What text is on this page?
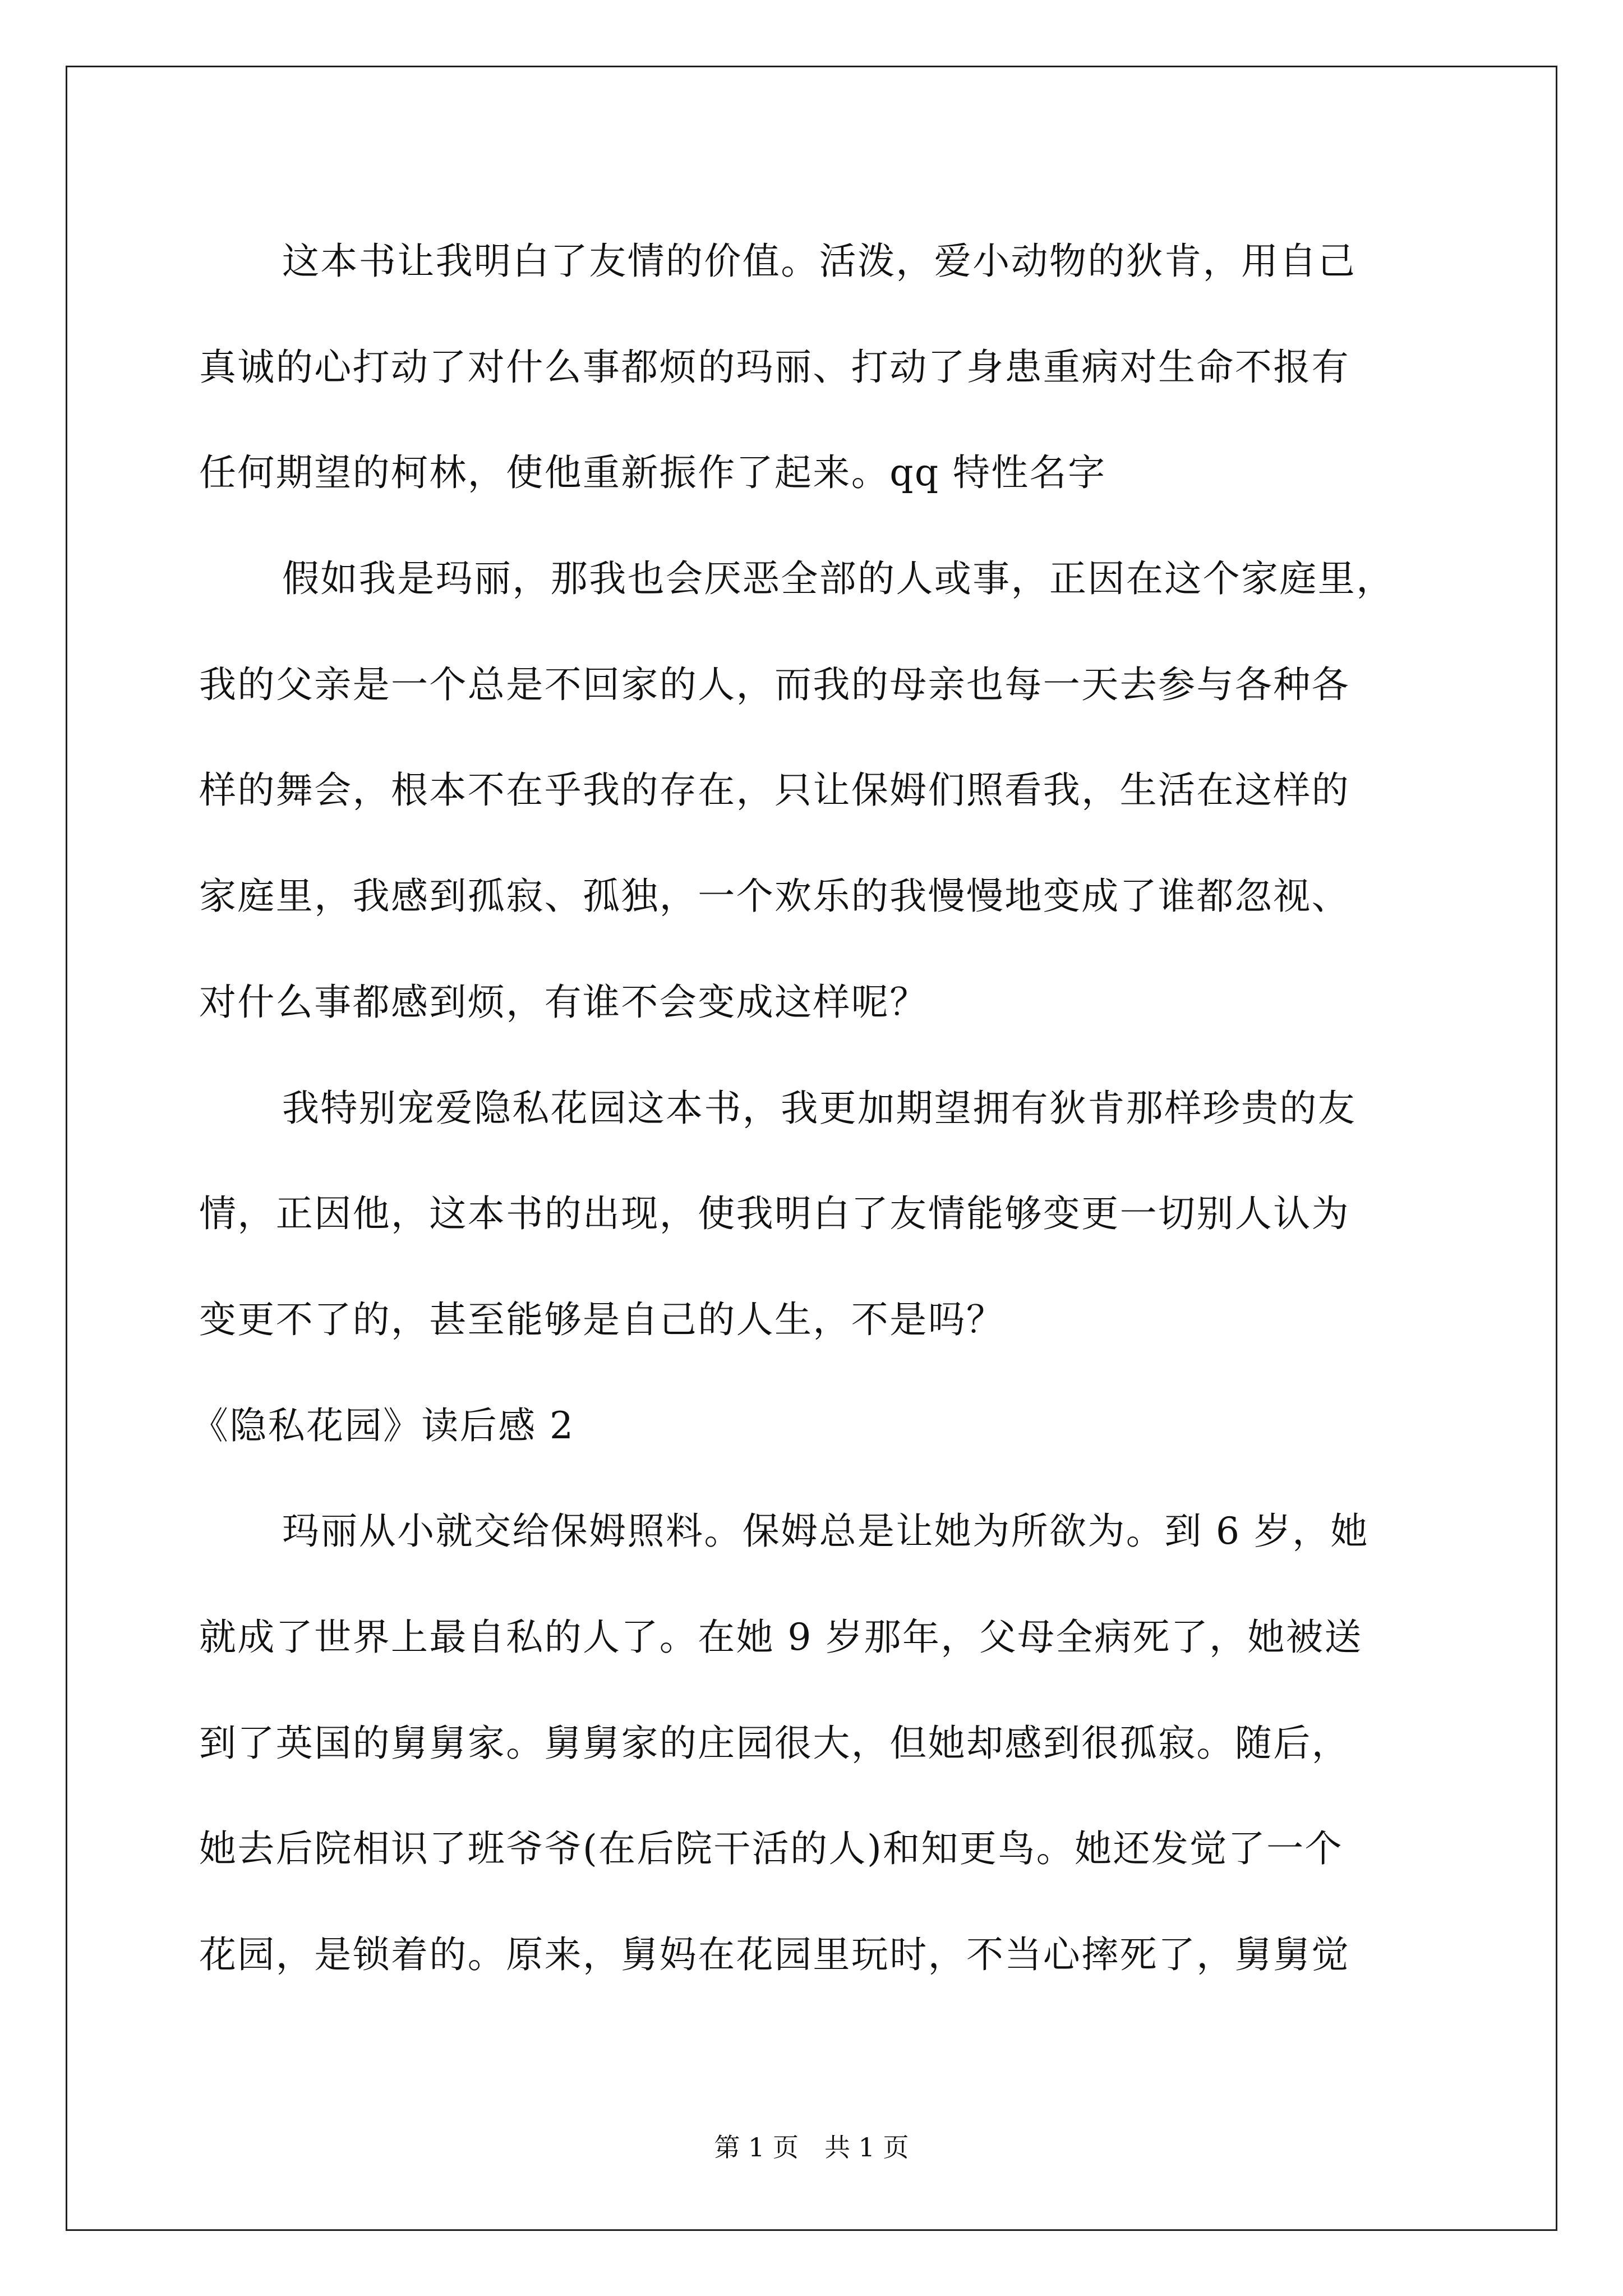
这本书让我明白了友情的价值。活泼，爱小动物的狄肯，用自己
真诚的心打动了对什么事都烦的玛丽、打动了身患重病对生命不报有
任何期望的柯林，使他重新振作了起来。qq 特性名字
假如我是玛丽，那我也会厌恶全部的人或事，正因在这个家庭里，
我的父亲是一个总是不回家的人，而我的母亲也每一天去参与各种各
样的舞会，根本不在乎我的存在，只让保姆们照看我，生活在这样的
家庭里，我感到孤寂、孤独，一个欢乐的我慢慢地变成了谁都忽视、
对什么事都感到烦，有谁不会变成这样呢？
我特别宠爱隐私花园这本书，我更加期望拥有狄肯那样珍贵的友
情，正因他，这本书的出现，使我明白了友情能够变更一切别人认为
变更不了的，甚至能够是自己的人生，不是吗？
《隐私花园》读后感 2
玛丽从小就交给保姆照料。保姆总是让她为所欲为。到 6 岁，她
就成了世界上最自私的人了。在她 9 岁那年，父母全病死了，她被送
到了英国的舅舅家。舅舅家的庄园很大，但她却感到很孤寂。随后，
她去后院相识了班爷爷(在后院干活的人)和知更鸟。她还发觉了一个
花园，是锁着的。原来，舅妈在花园里玩时，不当心摔死了，舅舅觉
第 1 页　共 1 页
